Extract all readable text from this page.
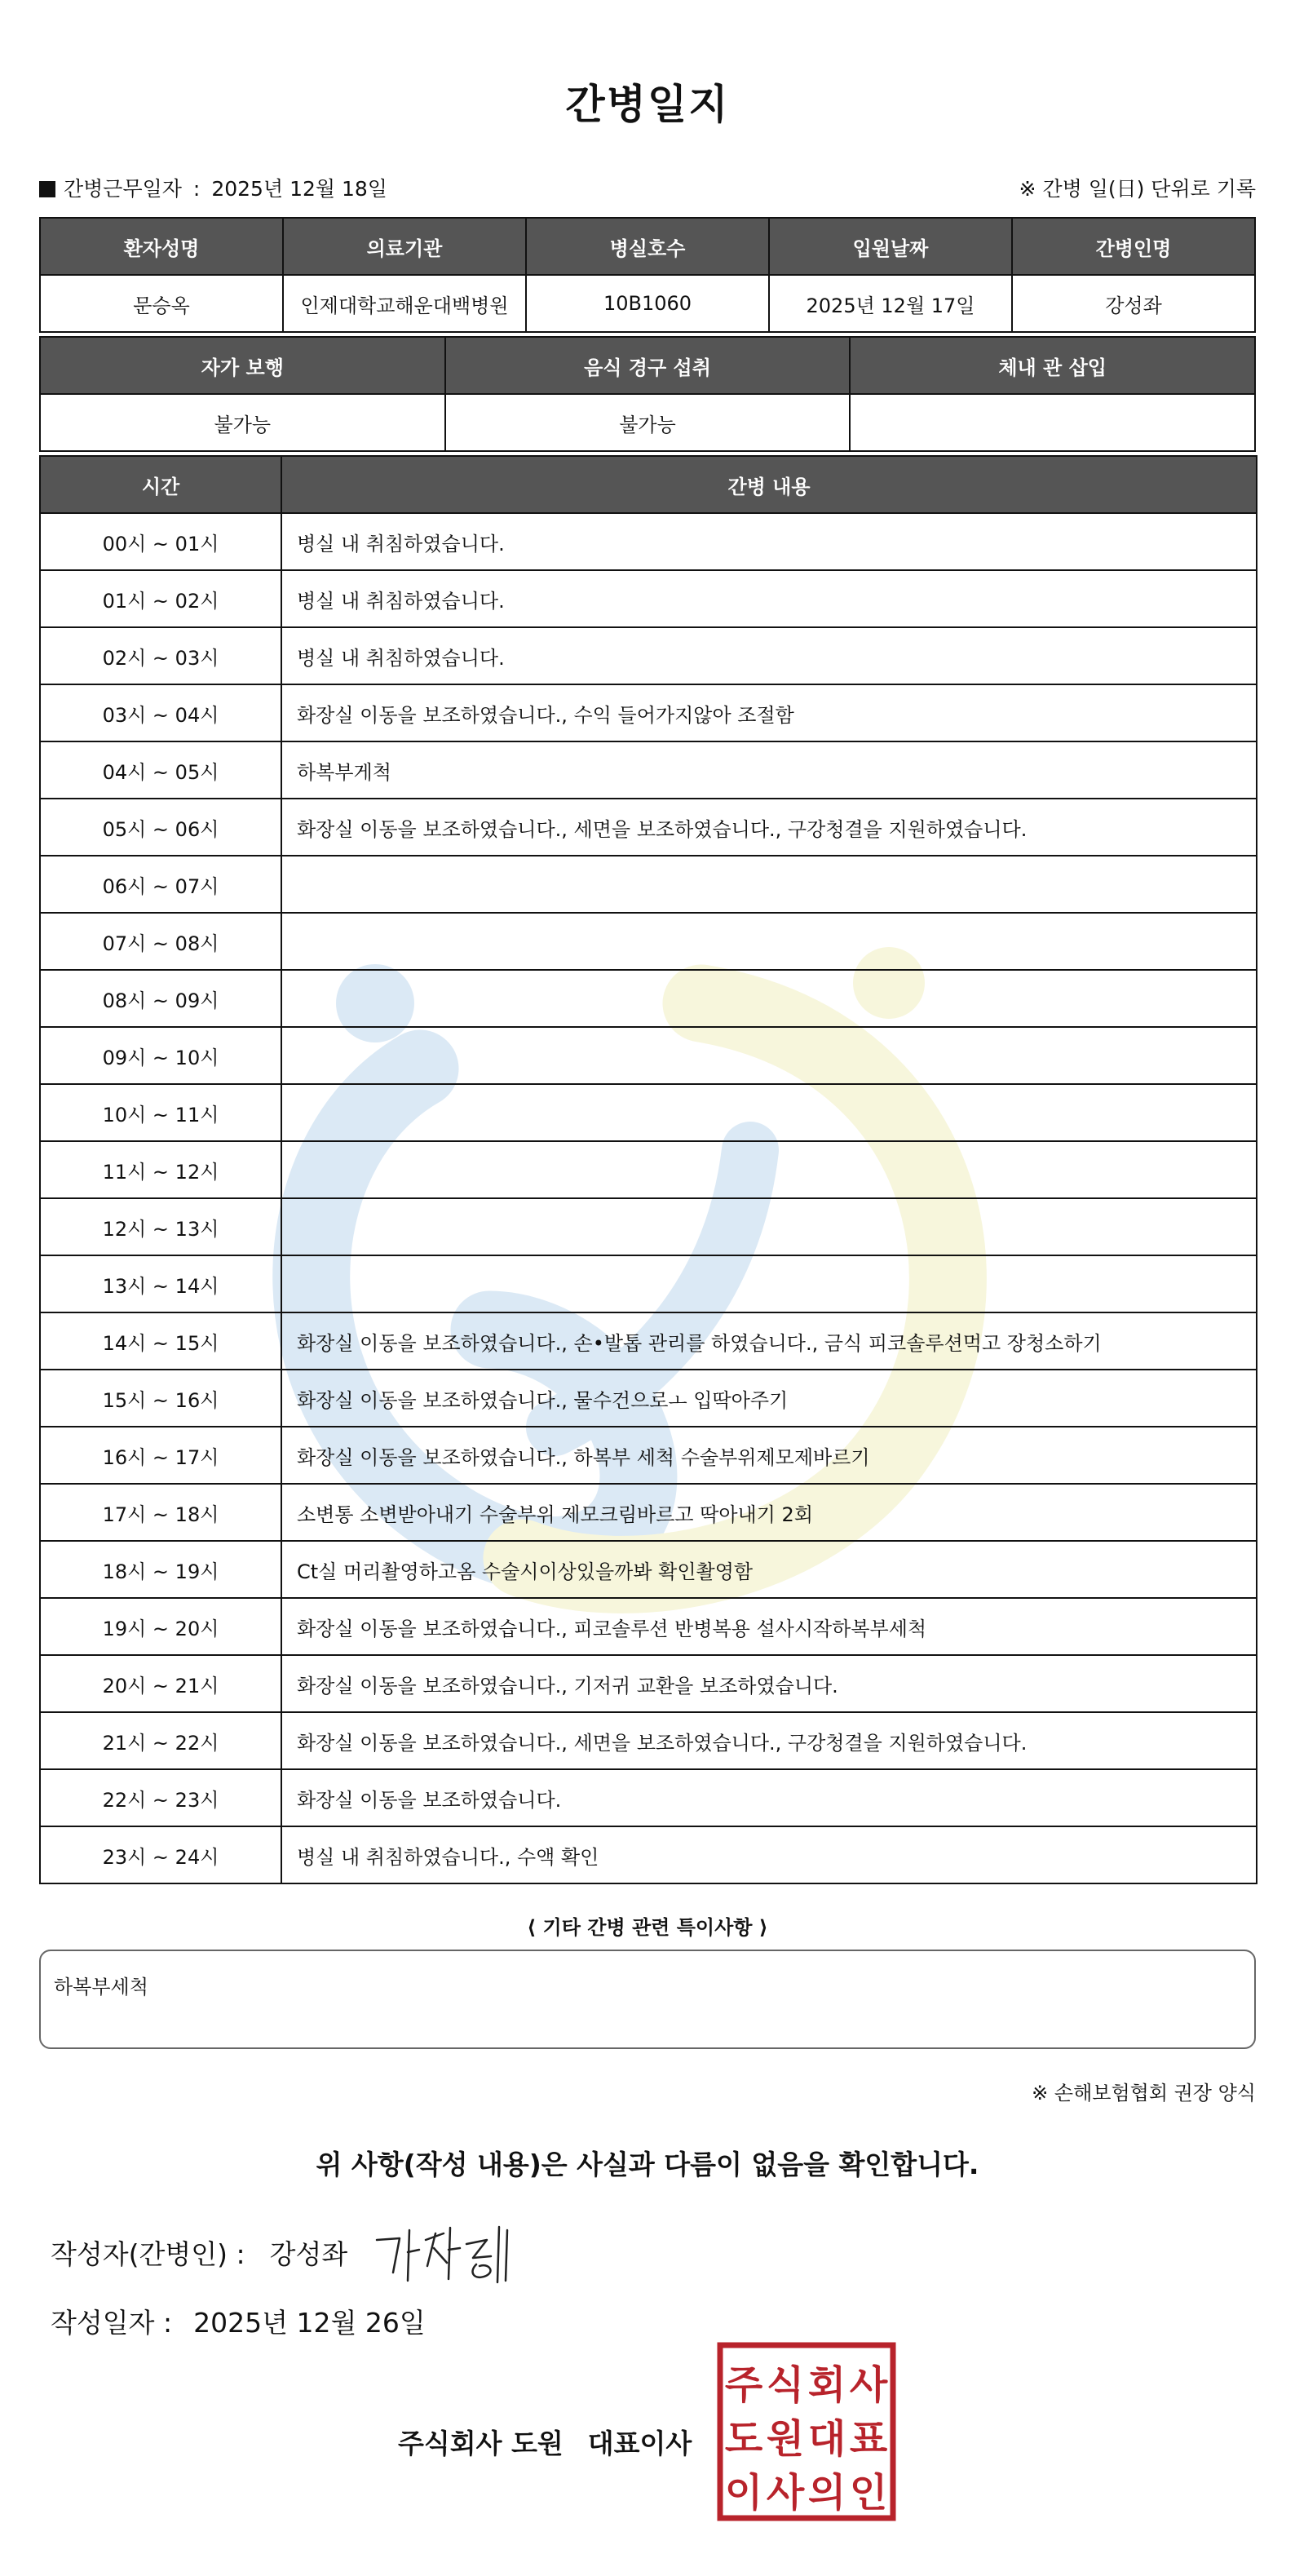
간병일지
간병근무일자 : 2025년 12월 18일	※ 간병 일(日) 단위로 기록
환자성명	의료기관	병실호수	입원날짜	간병인명
문승옥	인제대학교해운대백병원	10B1060	2025년 12월 17일	강성좌
자가 보행	음식 경구 섭취	체내 관 삽입
불가능	불가능	
시간	간병 내용
00시 ~ 01시	병실 내 취침하였습니다.
01시 ~ 02시	병실 내 취침하였습니다.
02시 ~ 03시	병실 내 취침하였습니다.
03시 ~ 04시	화장실 이동을 보조하였습니다., 수익 들어가지않아 조절함
04시 ~ 05시	하복부게척
05시 ~ 06시	화장실 이동을 보조하였습니다., 세면을 보조하였습니다., 구강청결을 지원하였습니다.
06시 ~ 07시	
07시 ~ 08시	
08시 ~ 09시	
09시 ~ 10시	
10시 ~ 11시	
11시 ~ 12시	
12시 ~ 13시	
13시 ~ 14시	
14시 ~ 15시	화장실 이동을 보조하였습니다., 손•발톱 관리를 하였습니다., 금식 피코솔루션먹고 장청소하기
15시 ~ 16시	화장실 이동을 보조하였습니다., 물수건으로ㅗ 입딱아주기
16시 ~ 17시	화장실 이동을 보조하였습니다., 하복부 세척 수술부위제모제바르기
17시 ~ 18시	소변통 소변받아내기 수술부위 제모크림바르고 딱아내기 2회
18시 ~ 19시	Ct실 머리촬영하고옴 수술시이상있을까봐 확인촬영함
19시 ~ 20시	화장실 이동을 보조하였습니다., 피코솔루션 반병복용 설사시작하복부세척
20시 ~ 21시	화장실 이동을 보조하였습니다., 기저귀 교환을 보조하였습니다.
21시 ~ 22시	화장실 이동을 보조하였습니다., 세면을 보조하였습니다., 구강청결을 지원하였습니다.
22시 ~ 23시	화장실 이동을 보조하였습니다.
23시 ~ 24시	병실 내 취침하였습니다., 수액 확인
⟨ 기타 간병 관련 특이사항 ⟩
하복부세척
※ 손해보험협회 권장 양식
위 사항(작성 내용)은 사실과 다름이 없음을 확인합니다.
작성자(간병인) : 강성좌
작성일자 : 2025년 12월 26일
주식회사 도원 대표이사
주 식 회 사
도 원 대 표
이 사 의 인
